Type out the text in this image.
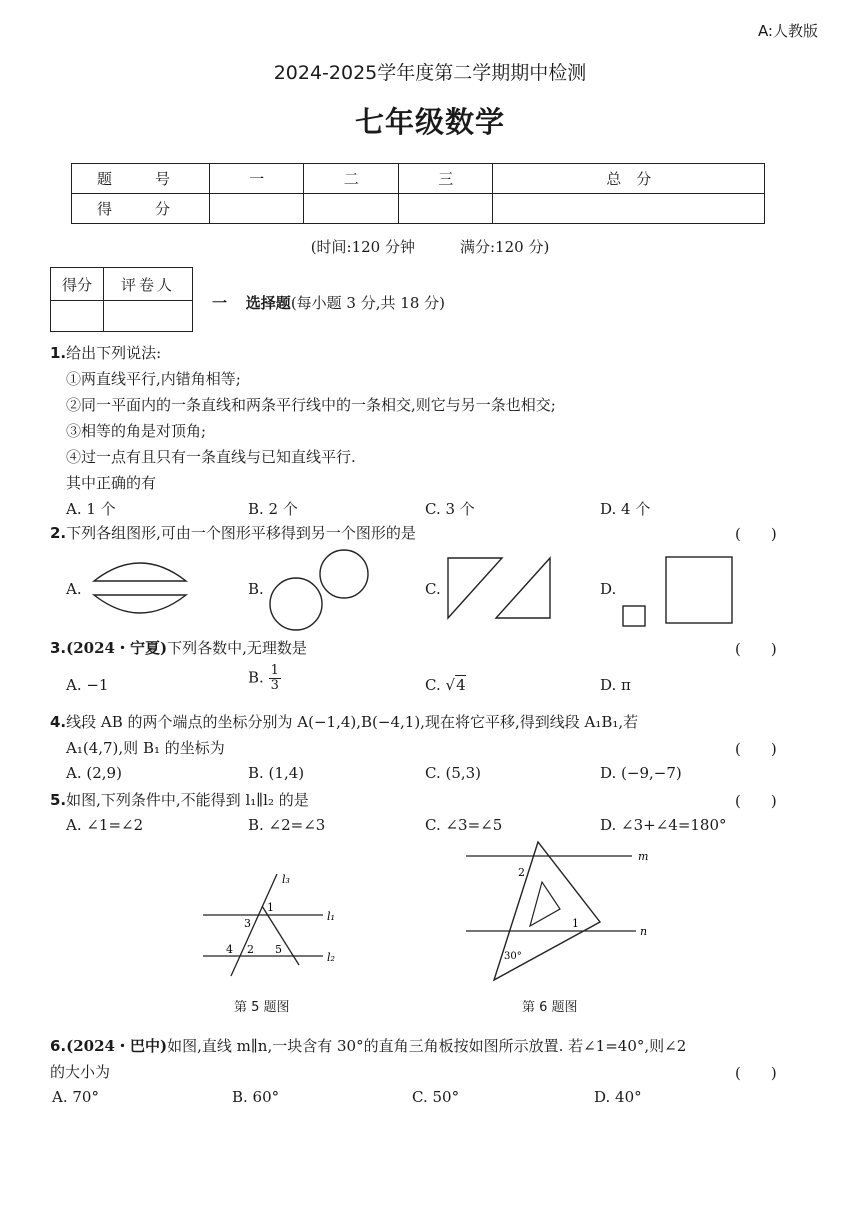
A:人教版
2024-2025学年度第二学期期中检测
七年级数学
题　号	一	二	三	总　分
得　分				
(时间:120 分钟　　　满分:120 分)
得分	评卷人

一 选择题(每小题 3 分,共 18 分)
1.给出下列说法:
①两直线平行,内错角相等;
②同一平面内的一条直线和两条平行线中的一条相交,则它与另一条也相交;
③相等的角是对顶角;
④过一点有且只有一条直线与已知直线平行.
其中正确的有
A. 1 个	B. 2 个	C. 3 个	D. 4 个
2.下列各组图形,可由一个图形平移得到另一个图形的是	(　　)
A.	B.	C.	D.
3.(2024・宁夏)下列各数中,无理数是	(　　)
A. −1	B. $\frac{1}{3}$	C. √4	D. π
4.线段 AB 的两个端点的坐标分别为 A(−1,4),B(−4,1),现在将它平移,得到线段 A₁B₁,若
A₁(4,7),则 B₁ 的坐标为	(　　)
A. (2,9)	B. (1,4)	C. (5,3)	D. (−9,−7)
5.如图,下列条件中,不能得到 l₁∥l₂ 的是	(　　)
A. ∠1=∠2	B. ∠2=∠3	C. ∠3=∠5	D. ∠3+∠4=180°
l₃
l₁
l₂
1
3
4 2 5
第 5 题图
m
n
2
1
30°
第 6 题图
6.(2024・巴中)如图,直线 m∥n,一块含有 30°的直角三角板按如图所示放置. 若∠1=40°,则∠2
的大小为	(　　)
A. 70°	B. 60°	C. 50°	D. 40°
